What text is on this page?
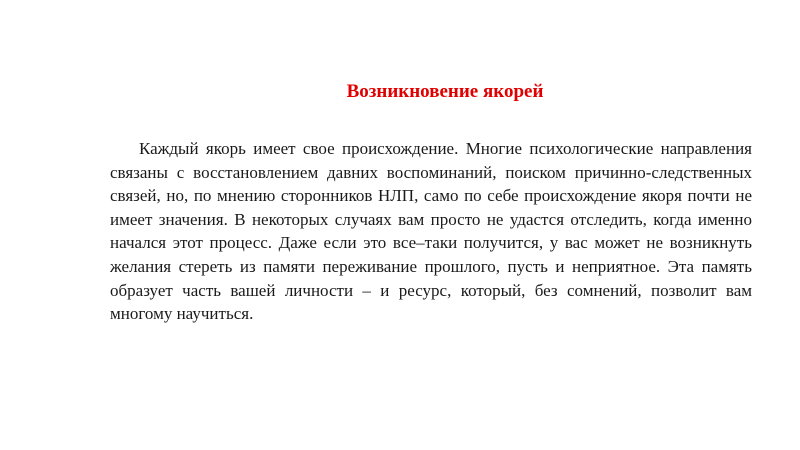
Возникновение якорей

Каждый якорь имеет свое происхождение. Многие психологические направления связаны с восстановлением давних воспоминаний, поиском причинно-следственных связей, но, по мнению сторонников НЛП, само по себе происхождение якоря почти не имеет значения. В некоторых случаях вам просто не удастся отследить, когда именно начался этот процесс. Даже если это все–таки получится, у вас может не возникнуть желания стереть из памяти переживание прошлого, пусть и неприятное. Эта память образует часть вашей личности – и ресурс, который, без сомнений, позволит вам многому научиться.
